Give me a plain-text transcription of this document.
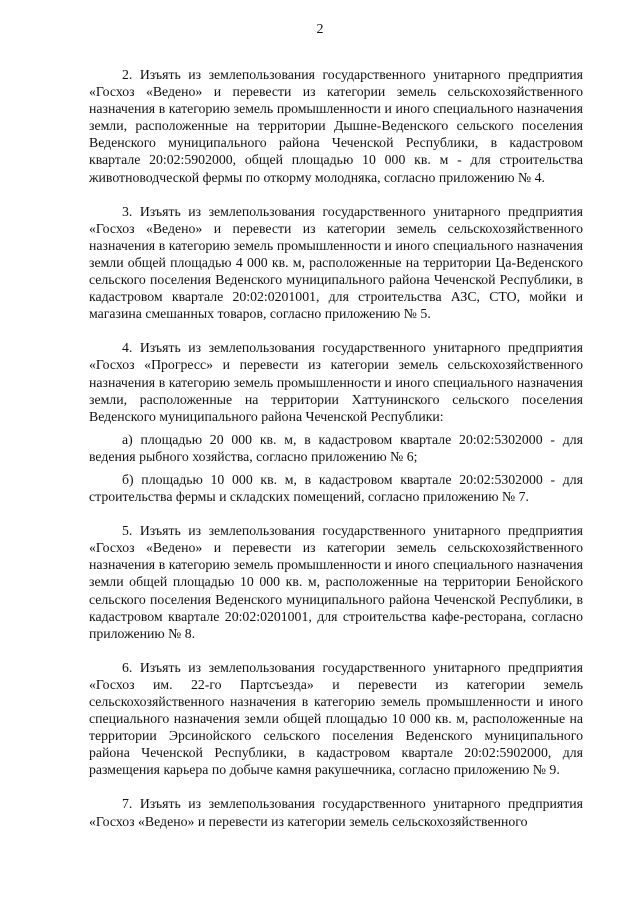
2

2. Изъять из землепользования государственного унитарного предприятия «Госхоз «Ведено» и перевести из категории земель сельскохозяйственного назначения в категорию земель промышленности и иного специального назначения земли, расположенные на территории Дышне-Веденского сельского поселения Веденского муниципального района Чеченской Республики, в кадастровом квартале 20:02:5902000, общей площадью 10 000 кв. м - для строительства животноводческой фермы по откорму молодняка, согласно приложению № 4.

3. Изъять из землепользования государственного унитарного предприятия «Госхоз «Ведено» и перевести из категории земель сельскохозяйственного назначения в категорию земель промышленности и иного специального назначения земли общей площадью 4 000 кв. м, расположенные на территории Ца-Веденского сельского поселения Веденского муниципального района Чеченской Республики, в кадастровом квартале 20:02:0201001, для строительства АЗС, СТО, мойки и магазина смешанных товаров, согласно приложению № 5.

4. Изъять из землепользования государственного унитарного предприятия «Госхоз «Прогресс» и перевести из категории земель сельскохозяйственного назначения в категорию земель промышленности и иного специального назначения земли, расположенные на территории Хаттунинского сельского поселения Веденского муниципального района Чеченской Республики:

а) площадью 20 000 кв. м, в кадастровом квартале 20:02:5302000 - для ведения рыбного хозяйства, согласно приложению № 6;

б) площадью 10 000 кв. м, в кадастровом квартале 20:02:5302000 - для строительства фермы и складских помещений, согласно приложению № 7.

5. Изъять из землепользования государственного унитарного предприятия «Госхоз «Ведено» и перевести из категории земель сельскохозяйственного назначения в категорию земель промышленности и иного специального назначения земли общей площадью 10 000 кв. м, расположенные на территории Бенойского сельского поселения Веденского муниципального района Чеченской Республики, в кадастровом квартале 20:02:0201001, для строительства кафе-ресторана, согласно приложению № 8.

6. Изъять из землепользования государственного унитарного предприятия «Госхоз им. 22-го Партсъезда» и перевести из категории земель сельскохозяйственного назначения в категорию земель промышленности и иного специального назначения земли общей площадью 10 000 кв. м, расположенные на территории Эрсинойского сельского поселения Веденского муниципального района Чеченской Республики, в кадастровом квартале 20:02:5902000, для размещения карьера по добыче камня ракушечника, согласно приложению № 9.

7. Изъять из землепользования государственного унитарного предприятия «Госхоз «Ведено» и перевести из категории земель сельскохозяйственного
